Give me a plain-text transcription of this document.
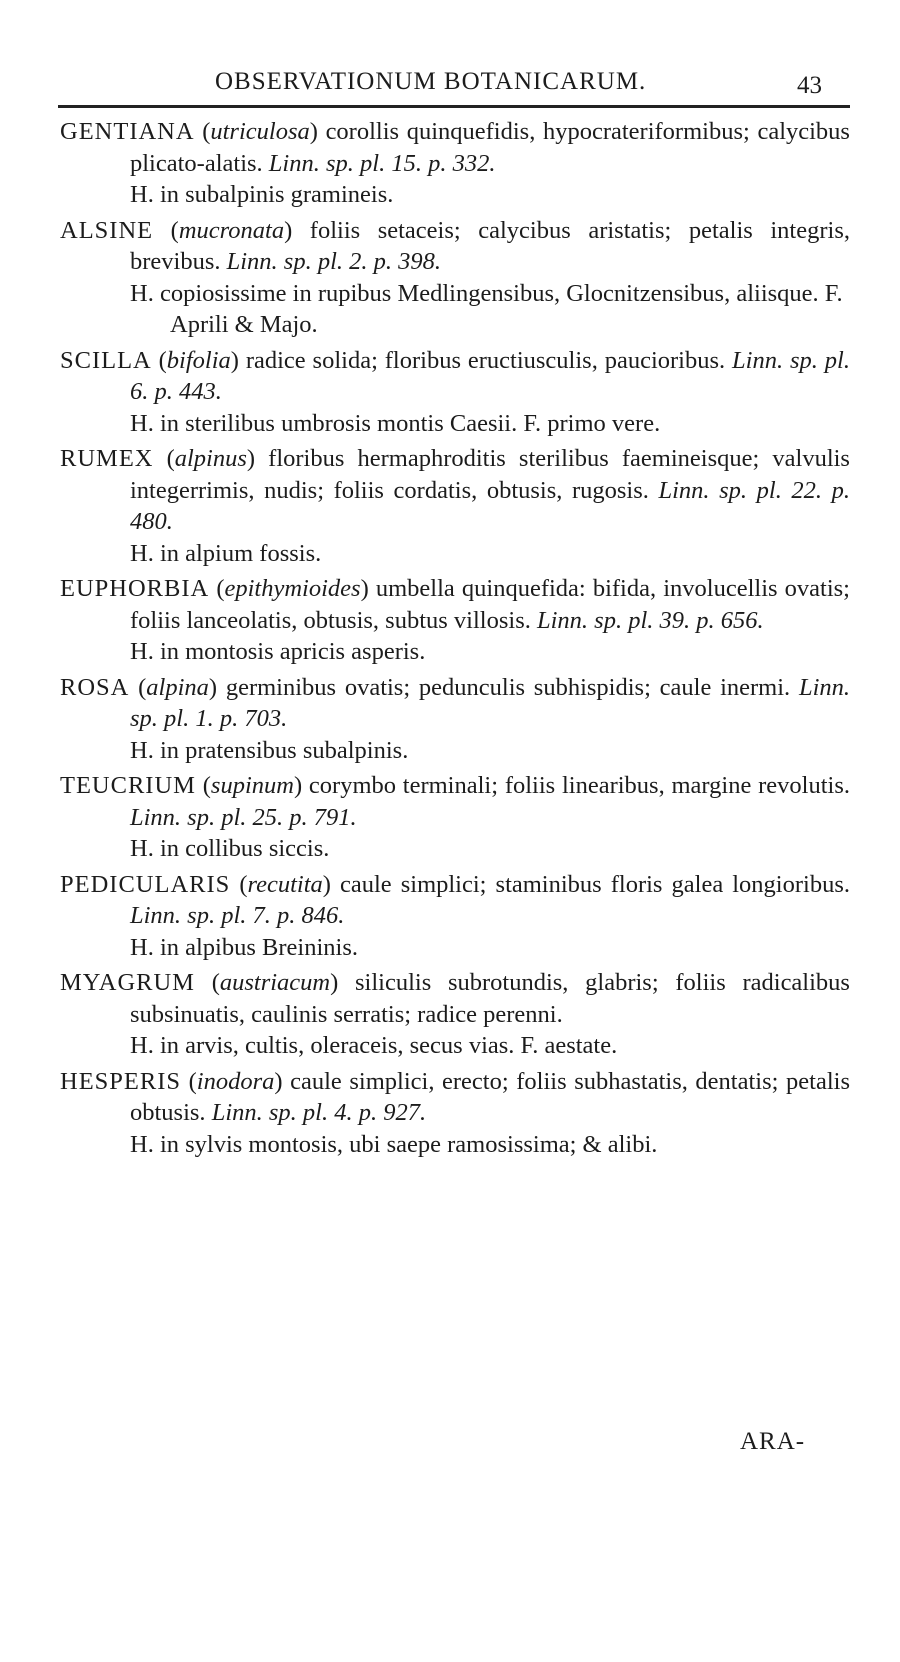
OBSERVATIONUM BOTANICARUM.	43
GENTIANA (utriculosa) corollis quinquefidis, hypocrateriformibus; calycibus plicato-alatis. Linn. sp. pl. 15. p. 332.
H. in subalpinis gramineis.
ALSINE (mucronata) foliis setaceis; calycibus aristatis; petalis integris, brevibus. Linn. sp. pl. 2. p. 398.
H. copiosissime in rupibus Medlingensibus, Glocnitzensibus, aliisque. F. Aprili & Majo.
SCILLA (bifolia) radice solida; floribus eructiusculis, paucioribus. Linn. sp. pl. 6. p. 443.
H. in sterilibus umbrosis montis Caesii. F. primo vere.
RUMEX (alpinus) floribus hermaphroditis sterilibus faemineisque; valvulis integerrimis, nudis; foliis cordatis, obtusis, rugosis. Linn. sp. pl. 22. p. 480.
H. in alpium fossis.
EUPHORBIA (epithymioides) umbella quinquefida: bifida, involucellis ovatis; foliis lanceolatis, obtusis, subtus villosis. Linn. sp. pl. 39. p. 656.
H. in montosis apricis asperis.
ROSA (alpina) germinibus ovatis; pedunculis subhispidis; caule inermi. Linn. sp. pl. 1. p. 703.
H. in pratensibus subalpinis.
TEUCRIUM (supinum) corymbo terminali; foliis linearibus, margine revolutis. Linn. sp. pl. 25. p. 791.
H. in collibus siccis.
PEDICULARIS (recutita) caule simplici; staminibus floris galea longioribus. Linn. sp. pl. 7. p. 846.
H. in alpibus Breininis.
MYAGRUM (austriacum) siliculis subrotundis, glabris; foliis radicalibus subsinuatis, caulinis serratis; radice perenni.
H. in arvis, cultis, oleraceis, secus vias. F. aestate.
HESPERIS (inodora) caule simplici, erecto; foliis subhastatis, dentatis; petalis obtusis. Linn. sp. pl. 4. p. 927.
H. in sylvis montosis, ubi saepe ramosissima; & alibi.
ARA-
